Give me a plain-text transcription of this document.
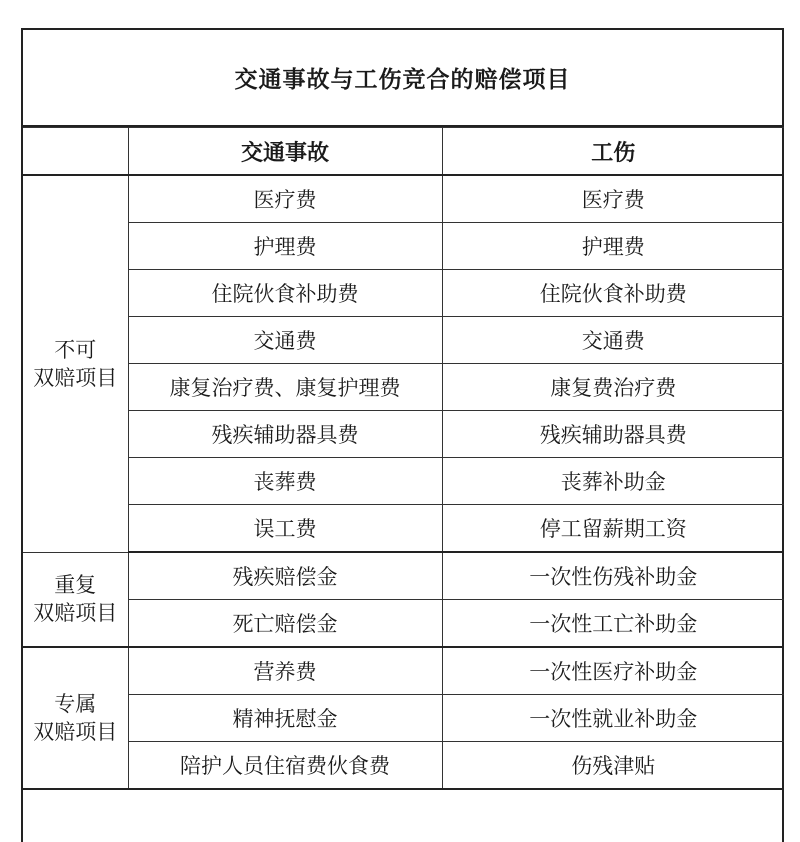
交通事故与工伤竞合的赔偿项目
	交通事故	工伤

不可
双赔项目	医疗费	医疗费
	护理费	护理费
	住院伙食补助费	住院伙食补助费
	交通费	交通费
	康复治疗费、康复护理费	康复费治疗费
	残疾辅助器具费	残疾辅助器具费
	丧葬费	丧葬补助金
	误工费	停工留薪期工资

重复
双赔项目	残疾赔偿金	一次性伤残补助金
	死亡赔偿金	一次性工亡补助金

专属
双赔项目	营养费	一次性医疗补助金
	精神抚慰金	一次性就业补助金
	陪护人员住宿费伙食费	伤残津贴
